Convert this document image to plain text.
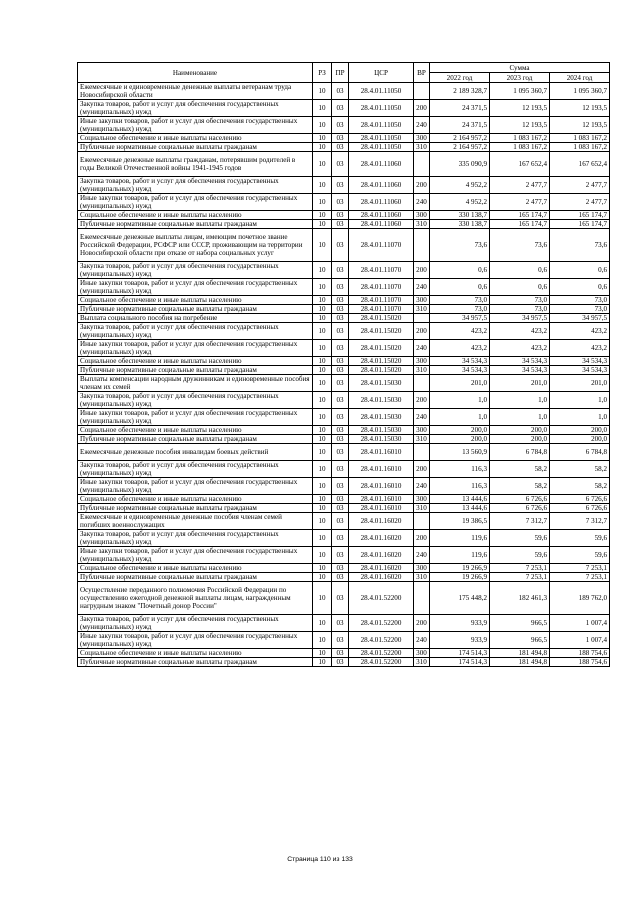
Наименование	РЗ	ПР	ЦСР	ВР	Сумма		
					2022 год	2023 год	2024 год
Ежемесячные и единовременные денежные выплаты ветеранам труда Новосибирской области	10	03	28.4.01.11050		2 189 328,7	1 095 360,7	1 095 360,7
Закупка товаров, работ и услуг для обеспечения государственных (муниципальных) нужд	10	03	28.4.01.11050	200	24 371,5	12 193,5	12 193,5
Иные закупки товаров, работ и услуг для обеспечения государственных (муниципальных) нужд	10	03	28.4.01.11050	240	24 371,5	12 193,5	12 193,5
Социальное обеспечение и иные выплаты населению	10	03	28.4.01.11050	300	2 164 957,2	1 083 167,2	1 083 167,2
Публичные нормативные социальные выплаты гражданам	10	03	28.4.01.11050	310	2 164 957,2	1 083 167,2	1 083 167,2
Ежемесячные денежные выплаты гражданам, потерявшим родителей в годы Великой Отечественной войны 1941-1945 годов	10	03	28.4.01.11060		335 090,9	167 652,4	167 652,4
Закупка товаров, работ и услуг для обеспечения государственных (муниципальных) нужд	10	03	28.4.01.11060	200	4 952,2	2 477,7	2 477,7
Иные закупки товаров, работ и услуг для обеспечения государственных (муниципальных) нужд	10	03	28.4.01.11060	240	4 952,2	2 477,7	2 477,7
Социальное обеспечение и иные выплаты населению	10	03	28.4.01.11060	300	330 138,7	165 174,7	165 174,7
Публичные нормативные социальные выплаты гражданам	10	03	28.4.01.11060	310	330 138,7	165 174,7	165 174,7
Ежемесячные денежные выплаты лицам, имеющим почетное звание Российской Федерации, РСФСР или СССР, проживающим на территории Новосибирской области при отказе от набора социальных услуг	10	03	28.4.01.11070		73,6	73,6	73,6
Закупка товаров, работ и услуг для обеспечения государственных (муниципальных) нужд	10	03	28.4.01.11070	200	0,6	0,6	0,6
Иные закупки товаров, работ и услуг для обеспечения государственных (муниципальных) нужд	10	03	28.4.01.11070	240	0,6	0,6	0,6
Социальное обеспечение и иные выплаты населению	10	03	28.4.01.11070	300	73,0	73,0	73,0
Публичные нормативные социальные выплаты гражданам	10	03	28.4.01.11070	310	73,0	73,0	73,0
Выплата социального пособия на погребение	10	03	28.4.01.15020		34 957,5	34 957,5	34 957,5
Закупка товаров, работ и услуг для обеспечения государственных (муниципальных) нужд	10	03	28.4.01.15020	200	423,2	423,2	423,2
Иные закупки товаров, работ и услуг для обеспечения государственных (муниципальных) нужд	10	03	28.4.01.15020	240	423,2	423,2	423,2
Социальное обеспечение и иные выплаты населению	10	03	28.4.01.15020	300	34 534,3	34 534,3	34 534,3
Публичные нормативные социальные выплаты гражданам	10	03	28.4.01.15020	310	34 534,3	34 534,3	34 534,3
Выплаты компенсации народным дружинникам и единовременные пособия членам их семей	10	03	28.4.01.15030		201,0	201,0	201,0
Закупка товаров, работ и услуг для обеспечения государственных (муниципальных) нужд	10	03	28.4.01.15030	200	1,0	1,0	1,0
Иные закупки товаров, работ и услуг для обеспечения государственных (муниципальных) нужд	10	03	28.4.01.15030	240	1,0	1,0	1,0
Социальное обеспечение и иные выплаты населению	10	03	28.4.01.15030	300	200,0	200,0	200,0
Публичные нормативные социальные выплаты гражданам	10	03	28.4.01.15030	310	200,0	200,0	200,0
Ежемесячные денежные пособия инвалидам боевых действий	10	03	28.4.01.16010		13 560,9	6 784,8	6 784,8
Закупка товаров, работ и услуг для обеспечения государственных (муниципальных) нужд	10	03	28.4.01.16010	200	116,3	58,2	58,2
Иные закупки товаров, работ и услуг для обеспечения государственных (муниципальных) нужд	10	03	28.4.01.16010	240	116,3	58,2	58,2
Социальное обеспечение и иные выплаты населению	10	03	28.4.01.16010	300	13 444,6	6 726,6	6 726,6
Публичные нормативные социальные выплаты гражданам	10	03	28.4.01.16010	310	13 444,6	6 726,6	6 726,6
Ежемесячные и единовременные денежные пособия членам семей погибших военнослужащих	10	03	28.4.01.16020		19 386,5	7 312,7	7 312,7
Закупка товаров, работ и услуг для обеспечения государственных (муниципальных) нужд	10	03	28.4.01.16020	200	119,6	59,6	59,6
Иные закупки товаров, работ и услуг для обеспечения государственных (муниципальных) нужд	10	03	28.4.01.16020	240	119,6	59,6	59,6
Социальное обеспечение и иные выплаты населению	10	03	28.4.01.16020	300	19 266,9	7 253,1	7 253,1
Публичные нормативные социальные выплаты гражданам	10	03	28.4.01.16020	310	19 266,9	7 253,1	7 253,1
Осуществление переданного полномочия Российской Федерации по осуществлению ежегодной денежной выплаты лицам, награжденным нагрудным знаком "Почетный донор России"	10	03	28.4.01.52200		175 448,2	182 461,3	189 762,0
Закупка товаров, работ и услуг для обеспечения государственных (муниципальных) нужд	10	03	28.4.01.52200	200	933,9	966,5	1 007,4
Иные закупки товаров, работ и услуг для обеспечения государственных (муниципальных) нужд	10	03	28.4.01.52200	240	933,9	966,5	1 007,4
Социальное обеспечение и иные выплаты населению	10	03	28.4.01.52200	300	174 514,3	181 494,8	188 754,6
Публичные нормативные социальные выплаты гражданам	10	03	28.4.01.52200	310	174 514,3	181 494,8	188 754,6
Страница 110 из 133
